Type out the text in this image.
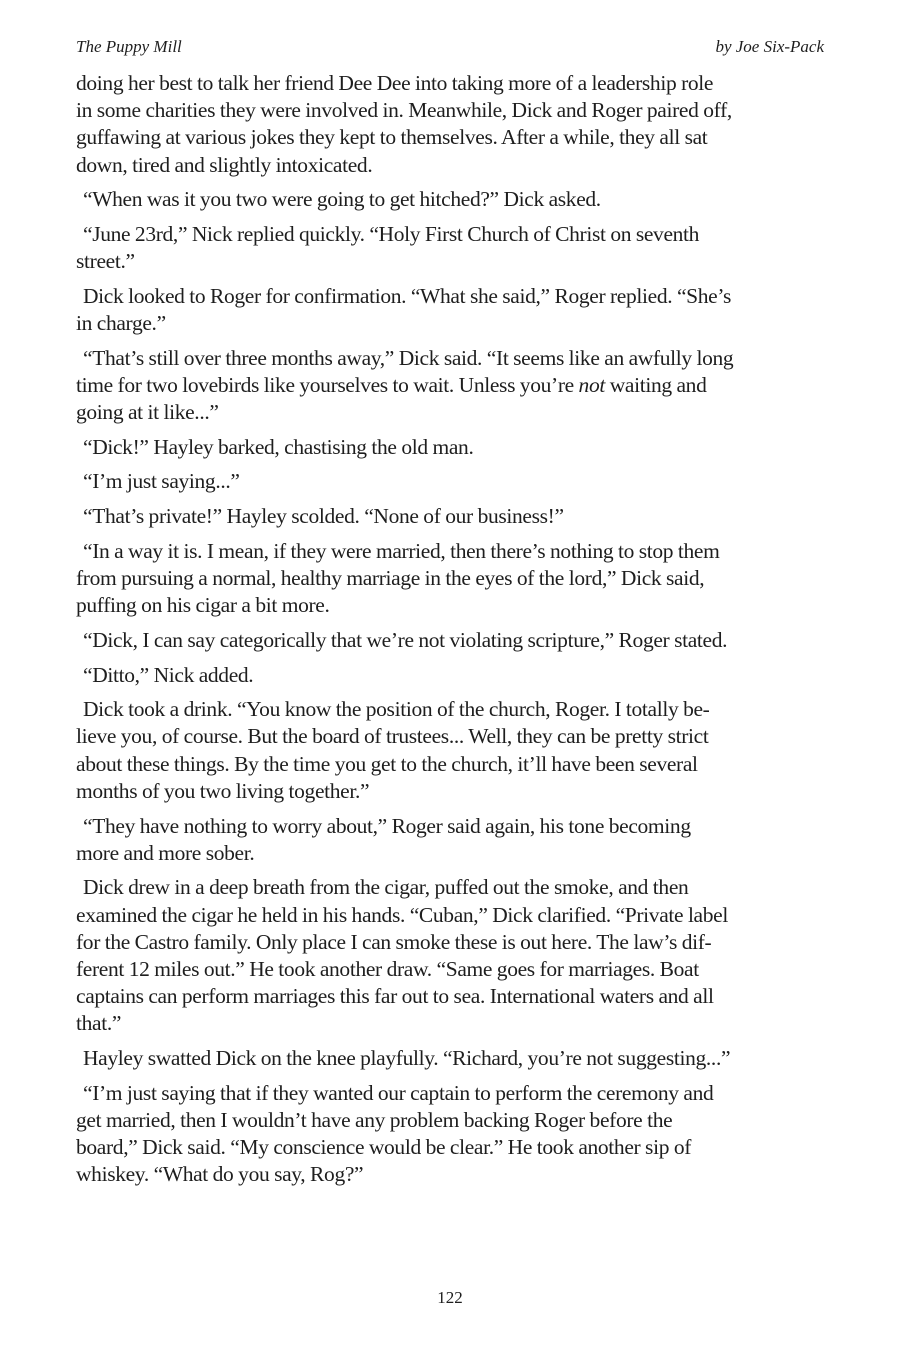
The Puppy Mill	by Joe Six-Pack
doing her best to talk her friend Dee Dee into taking more of a leadership role
in some charities they were involved in. Meanwhile, Dick and Roger paired off,
guffawing at various jokes they kept to themselves. After a while, they all sat
down, tired and slightly intoxicated.
“When was it you two were going to get hitched?” Dick asked.
“June 23rd,” Nick replied quickly. “Holy First Church of Christ on seventh
street.”
Dick looked to Roger for confirmation. “What she said,” Roger replied. “She’s
in charge.”
“That’s still over three months away,” Dick said. “It seems like an awfully long
time for two lovebirds like yourselves to wait. Unless you’re not waiting and
going at it like...”
“Dick!” Hayley barked, chastising the old man.
“I’m just saying...”
“That’s private!” Hayley scolded. “None of our business!”
“In a way it is. I mean, if they were married, then there’s nothing to stop them
from pursuing a normal, healthy marriage in the eyes of the lord,” Dick said,
puffing on his cigar a bit more.
“Dick, I can say categorically that we’re not violating scripture,” Roger stated.
“Ditto,” Nick added.
Dick took a drink. “You know the position of the church, Roger. I totally be-
lieve you, of course. But the board of trustees... Well, they can be pretty strict
about these things. By the time you get to the church, it’ll have been several
months of you two living together.”
“They have nothing to worry about,” Roger said again, his tone becoming
more and more sober.
Dick drew in a deep breath from the cigar, puffed out the smoke, and then
examined the cigar he held in his hands. “Cuban,” Dick clarified. “Private label
for the Castro family. Only place I can smoke these is out here. The law’s dif-
ferent 12 miles out.” He took another draw. “Same goes for marriages. Boat
captains can perform marriages this far out to sea. International waters and all
that.”
Hayley swatted Dick on the knee playfully. “Richard, you’re not suggesting...”
“I’m just saying that if they wanted our captain to perform the ceremony and
get married, then I wouldn’t have any problem backing Roger before the
board,” Dick said. “My conscience would be clear.” He took another sip of
whiskey. “What do you say, Rog?”
122
